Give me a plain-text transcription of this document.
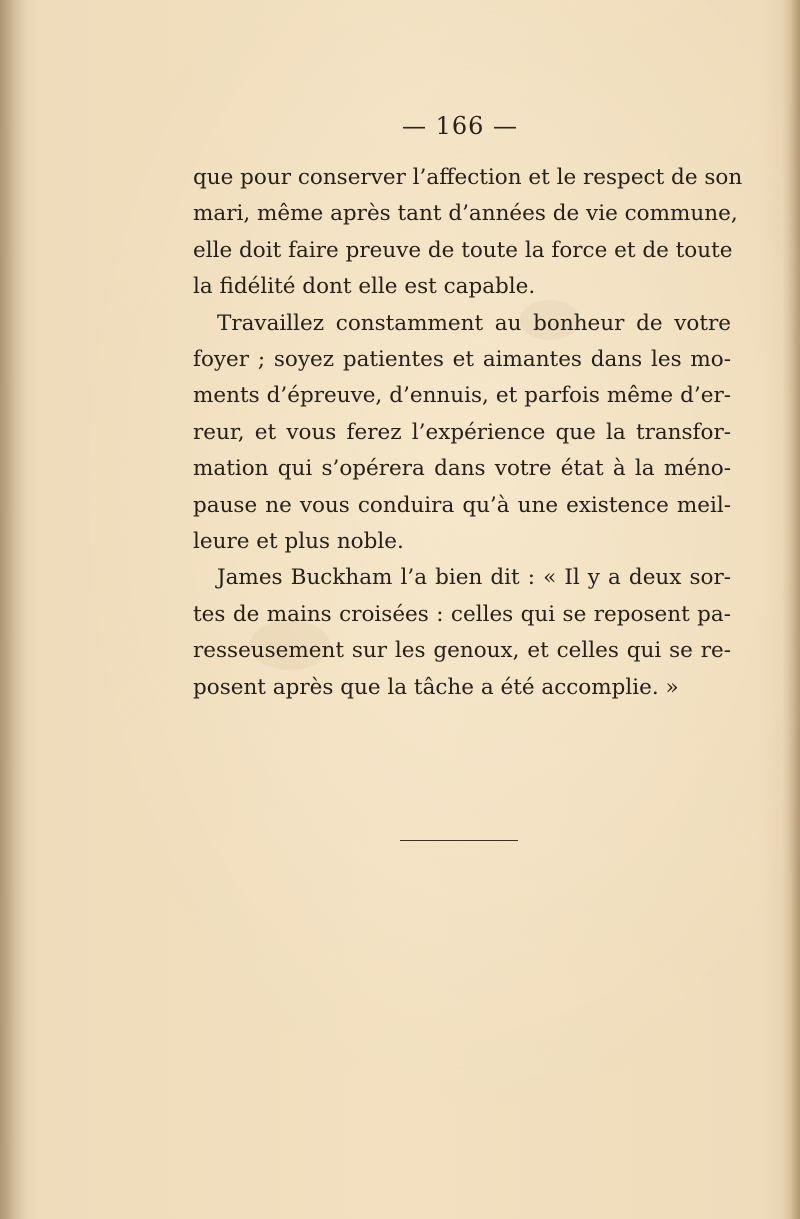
— 166 —
que pour conserver l’affection et le respect de son
mari, même après tant d’années de vie commune,
elle doit faire preuve de toute la force et de toute
la fidélité dont elle est capable.
Travaillez constamment au bonheur de votre
foyer ; soyez patientes et aimantes dans les mo-
ments d’épreuve, d’ennuis, et parfois même d’er-
reur, et vous ferez l’expérience que la transfor-
mation qui s’opérera dans votre état à la méno-
pause ne vous conduira qu’à une existence meil-
leure et plus noble.
James Buckham l’a bien dit : « Il y a deux sor-
tes de mains croisées : celles qui se reposent pa-
resseusement sur les genoux, et celles qui se re-
posent après que la tâche a été accomplie. »
